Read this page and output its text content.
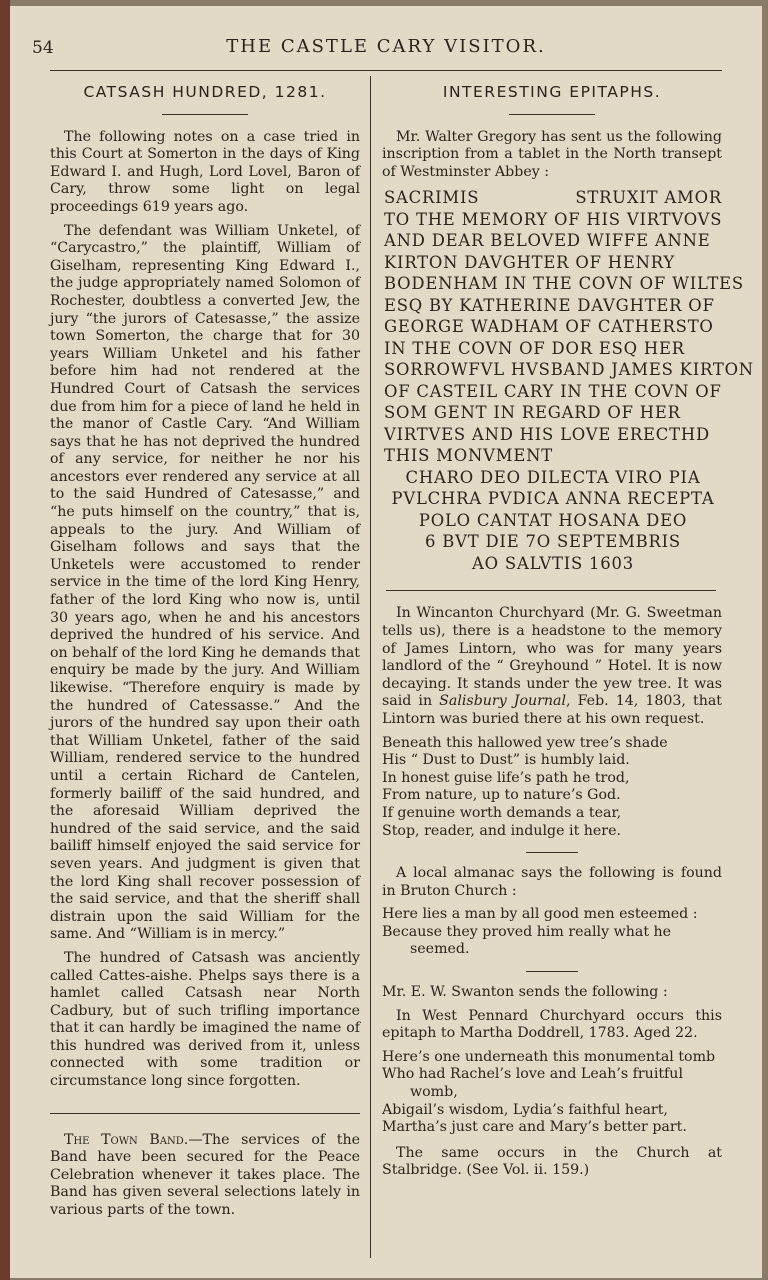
54	THE CASTLE CARY VISITOR.
CATSASH HUNDRED, 1281.

The following notes on a case tried in this Court at Somerton in the days of King Edward I. and Hugh, Lord Lovel, Baron of Cary, throw some light on legal proceedings 619 years ago.

The defendant was William Unketel, of “Carycastro,” the plaintiff, William of Giselham, representing King Edward I., the judge appropriately named Solomon of Rochester, doubtless a converted Jew, the jury “the jurors of Catesasse,” the assize town Somerton, the charge that for 30 years William Unketel and his father before him had not rendered at the Hundred Court of Catsash the services due from him for a piece of land he held in the manor of Castle Cary. “And William says that he has not deprived the hundred of any service, for neither he nor his ancestors ever rendered any service at all to the said Hundred of Catesasse,” and “he puts himself on the country,” that is, appeals to the jury. And William of Giselham follows and says that the Unketels were accustomed to render service in the time of the lord King Henry, father of the lord King who now is, until 30 years ago, when he and his ancestors deprived the hundred of his service. And on behalf of the lord King he demands that enquiry be made by the jury. And William likewise. “Therefore enquiry is made by the hundred of Catessasse.” And the jurors of the hundred say upon their oath that William Unketel, father of the said William, rendered service to the hundred until a certain Richard de Cantelen, formerly bailiff of the said hundred, and the aforesaid William deprived the hundred of the said service, and the said bailiff himself enjoyed the said service for seven years. And judgment is given that the lord King shall recover possession of the said service, and that the sheriff shall distrain upon the said William for the same. And “William is in mercy.”

The hundred of Catsash was anciently called Cattes-aishe. Phelps says there is a hamlet called Catsash near North Cadbury, but of such trifling importance that it can hardly be imagined the name of this hundred was derived from it, unless connected with some tradition or circumstance long since forgotten.

The Town Band.—The services of the Band have been secured for the Peace Celebration whenever it takes place. The Band has given several selections lately in various parts of the town.

INTERESTING EPITAPHS.

Mr. Walter Gregory has sent us the following inscription from a tablet in the North transept of Westminster Abbey :

SACRIMIS	STRUXIT AMOR
TO THE MEMORY OF HIS VIRTVOVS
AND DEAR BELOVED WIFFE ANNE
KIRTON DAVGHTER OF HENRY
BODENHAM IN THE COVN OF WILTES
ESQ BY KATHERINE DAVGHTER OF
GEORGE WADHAM OF CATHERSTO
IN THE COVN OF DOR ESQ HER
SORROWFVL HVSBAND JAMES KIRTON
OF CASTEIL CARY IN THE COVN OF
SOM GENT IN REGARD OF HER
VIRTVES AND HIS LOVE ERECTHD
THIS MONVMENT
CHARO DEO DILECTA VIRO PIA
PVLCHRA PVDICA ANNA RECEPTA
POLO CANTAT HOSANA DEO
6 BVT DIE 7O SEPTEMBRIS
AO SALVTIS 1603

In Wincanton Churchyard (Mr. G. Sweetman tells us), there is a headstone to the memory of James Lintorn, who was for many years landlord of the “ Greyhound ” Hotel. It is now decaying. It stands under the yew tree. It was said in Salisbury Journal, Feb. 14, 1803, that Lintorn was buried there at his own request.

Beneath this hallowed yew tree’s shade
His “ Dust to Dust” is humbly laid.
In honest guise life’s path he trod,
From nature, up to nature’s God.
If genuine worth demands a tear,
Stop, reader, and indulge it here.

A local almanac says the following is found in Bruton Church :

Here lies a man by all good men esteemed :
Because they proved him really what he seemed.

Mr. E. W. Swanton sends the following :

In West Pennard Churchyard occurs this epitaph to Martha Doddrell, 1783. Aged 22.

Here’s one underneath this monumental tomb
Who had Rachel’s love and Leah’s fruitful womb,
Abigail’s wisdom, Lydia’s faithful heart,
Martha’s just care and Mary’s better part.

The same occurs in the Church at Stalbridge. (See Vol. ii. 159.)
